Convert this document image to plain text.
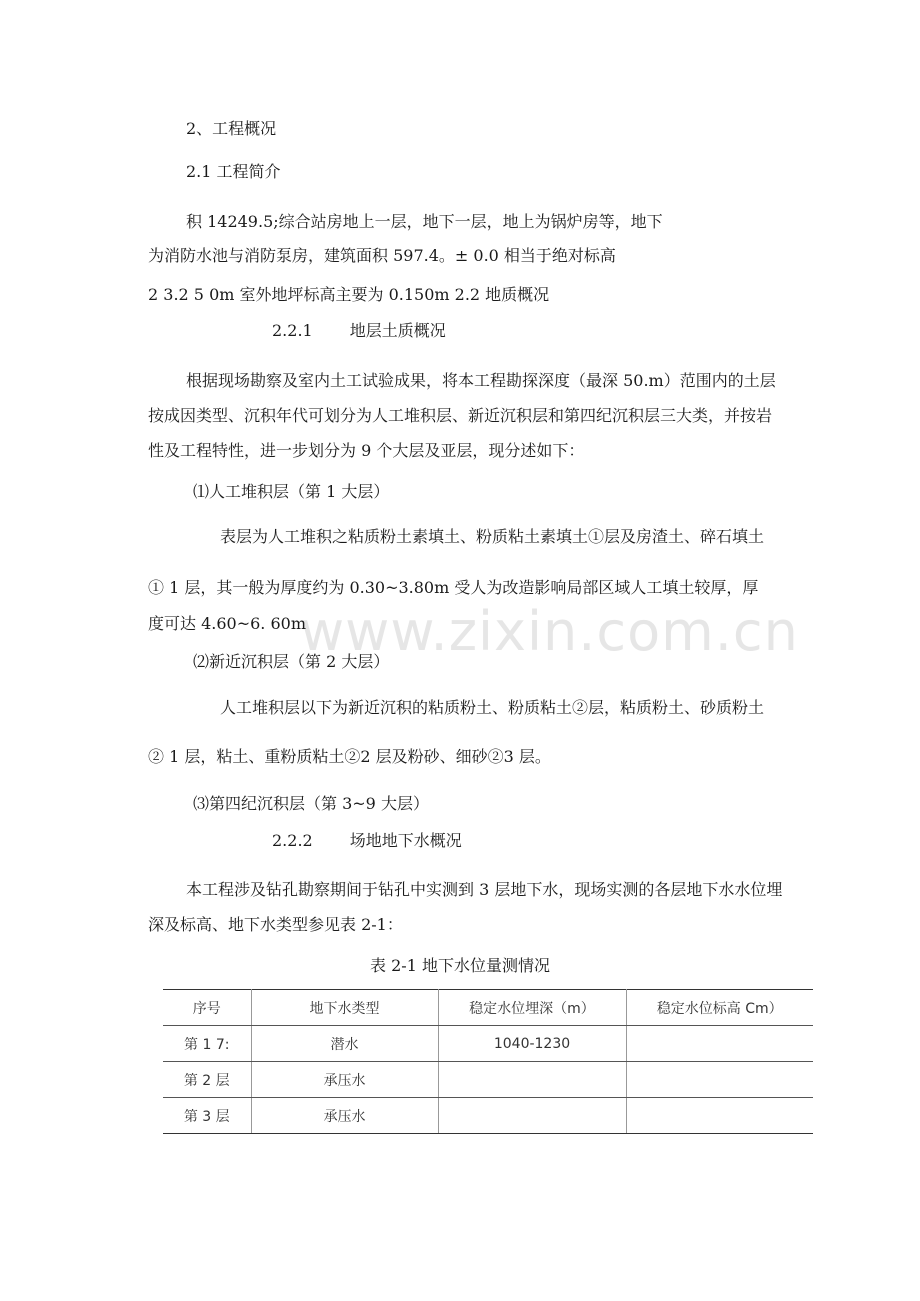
www.zixin.com.cn
2、工程概况
2.1 工程简介
积 14249.5;综合站房地上一层，地下一层，地上为锅炉房等，地下
为消防水池与消防泵房，建筑面积 597.4。± 0.0 相当于绝对标高
2 3.2 5 0m 室外地坪标高主要为 0.150m 2.2 地质概况
2.2.1　　 地层土质概况
根据现场勘察及室内土工试验成果，将本工程勘探深度（最深 50.m）范围内的土层
按成因类型、沉积年代可划分为人工堆积层、新近沉积层和第四纪沉积层三大类，并按岩
性及工程特性，进一步划分为 9 个大层及亚层，现分述如下：
⑴人工堆积层（第 1 大层）
表层为人工堆积之粘质粉土素填土、粉质粘土素填土①层及房渣土、碎石填土
① 1 层，其一般为厚度约为 0.30~3.80m 受人为改造影响局部区域人工填土较厚，厚
度可达 4.60~6. 60m
⑵新近沉积层（第 2 大层）
人工堆积层以下为新近沉积的粘质粉土、粉质粘土②层，粘质粉土、砂质粉土
② 1 层，粘土、重粉质粘土②2 层及粉砂、细砂②3 层。
⑶第四纪沉积层（第 3~9 大层）
2.2.2　　 场地地下水概况
本工程涉及钻孔勘察期间于钻孔中实测到 3 层地下水，现场实测的各层地下水水位埋
深及标高、地下水类型参见表 2-1：
表 2-1 地下水位量测情况
序号	地下水类型	稳定水位埋深（m）	稳定水位标高 Cm）
第 1 7:	潜水	1040-1230	
第 2 层	承压水		
第 3 层	承压水		
